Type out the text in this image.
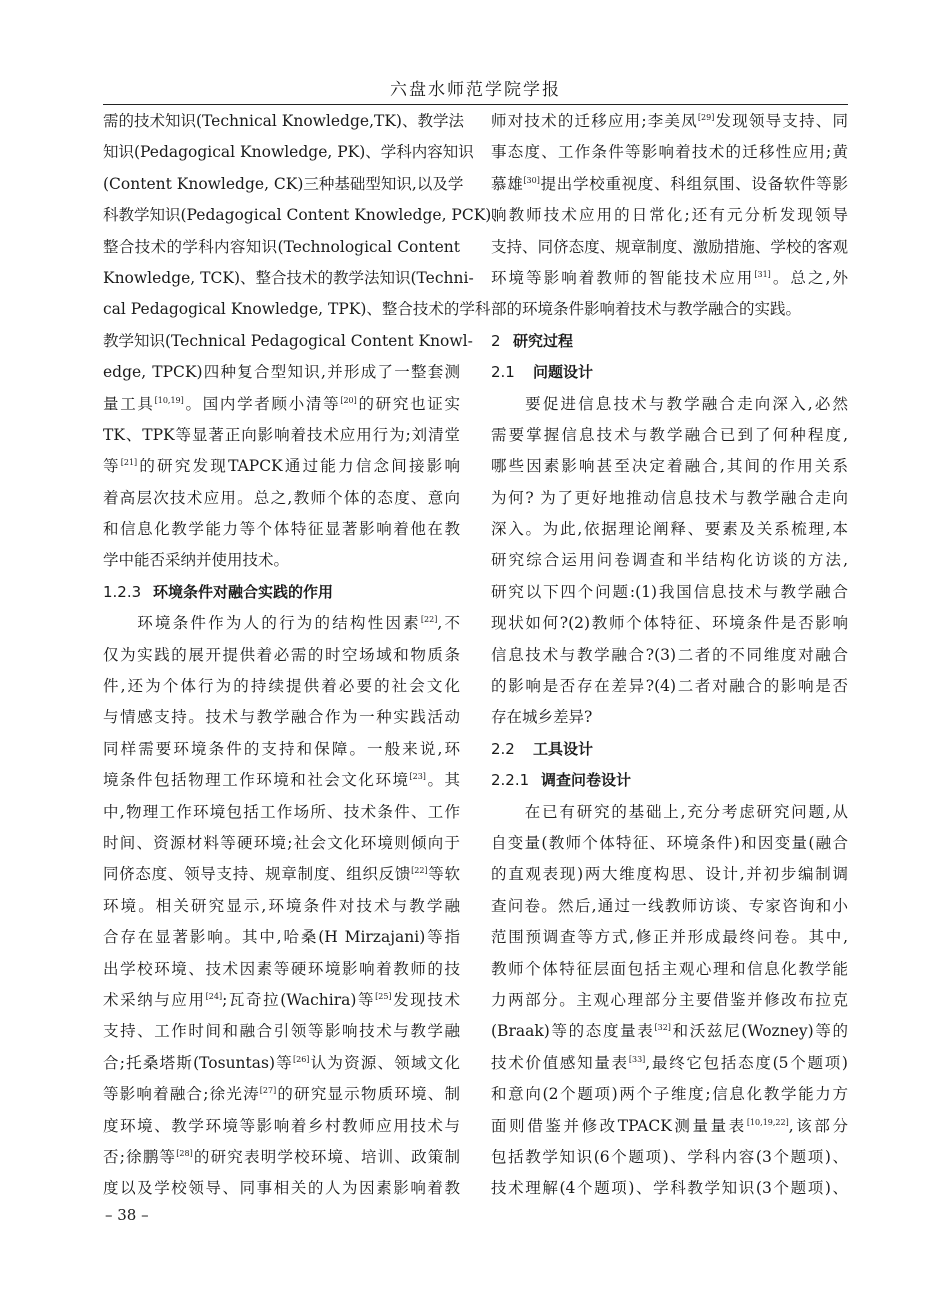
六盘水师范学院学报
需的技术知识(Technical Knowledge,TK)、教学法
知识(Pedagogical Knowledge, PK)、学科内容知识
(Content Knowledge, CK)三种基础型知识,以及学
科教学知识(Pedagogical Content Knowledge, PCK)、
整合技术的学科内容知识(Technological Content
Knowledge, TCK)、整合技术的教学法知识(Techni-
cal Pedagogical Knowledge, TPK)、整合技术的学科
教学知识(Technical Pedagogical Content Knowl-
edge, TPCK)四种复合型知识,并形成了一整套测
量工具[10,19]。国内学者顾小清等[20]的研究也证实
TK、TPK等显著正向影响着技术应用行为;刘清堂
等[21]的研究发现TAPCK通过能力信念间接影响
着高层次技术应用。总之,教师个体的态度、意向
和信息化教学能力等个体特征显著影响着他在教
学中能否采纳并使用技术。
1.2.3 环境条件对融合实践的作用
环境条件作为人的行为的结构性因素[22],不
仅为实践的展开提供着必需的时空场域和物质条
件,还为个体行为的持续提供着必要的社会文化
与情感支持。技术与教学融合作为一种实践活动
同样需要环境条件的支持和保障。一般来说,环
境条件包括物理工作环境和社会文化环境[23]。其
中,物理工作环境包括工作场所、技术条件、工作
时间、资源材料等硬环境;社会文化环境则倾向于
同侪态度、领导支持、规章制度、组织反馈[22]等软
环境。相关研究显示,环境条件对技术与教学融
合存在显著影响。其中,哈桑(H Mirzajani)等指
出学校环境、技术因素等硬环境影响着教师的技
术采纳与应用[24];瓦奇拉(Wachira)等[25]发现技术
支持、工作时间和融合引领等影响技术与教学融
合;托桑塔斯(Tosuntas)等[26]认为资源、领域文化
等影响着融合;徐光涛[27]的研究显示物质环境、制
度环境、教学环境等影响着乡村教师应用技术与
否;徐鹏等[28]的研究表明学校环境、培训、政策制
度以及学校领导、同事相关的人为因素影响着教
师对技术的迁移应用;李美凤[29]发现领导支持、同
事态度、工作条件等影响着技术的迁移性应用;黄
慕雄[30]提出学校重视度、科组氛围、设备软件等影
响教师技术应用的日常化;还有元分析发现领导
支持、同侪态度、规章制度、激励措施、学校的客观
环境等影响着教师的智能技术应用[31]。总之,外
部的环境条件影响着技术与教学融合的实践。
2 研究过程
2.1 问题设计
要促进信息技术与教学融合走向深入,必然
需要掌握信息技术与教学融合已到了何种程度,
哪些因素影响甚至决定着融合,其间的作用关系
为何? 为了更好地推动信息技术与教学融合走向
深入。为此,依据理论阐释、要素及关系梳理,本
研究综合运用问卷调查和半结构化访谈的方法,
研究以下四个问题:(1)我国信息技术与教学融合
现状如何?(2)教师个体特征、环境条件是否影响
信息技术与教学融合?(3)二者的不同维度对融合
的影响是否存在差异?(4)二者对融合的影响是否
存在城乡差异?
2.2 工具设计
2.2.1 调查问卷设计
在已有研究的基础上,充分考虑研究问题,从
自变量(教师个体特征、环境条件)和因变量(融合
的直观表现)两大维度构思、设计,并初步编制调
查问卷。然后,通过一线教师访谈、专家咨询和小
范围预调查等方式,修正并形成最终问卷。其中,
教师个体特征层面包括主观心理和信息化教学能
力两部分。主观心理部分主要借鉴并修改布拉克
(Braak)等的态度量表[32]和沃兹尼(Wozney)等的
技术价值感知量表[33],最终它包括态度(5个题项)
和意向(2个题项)两个子维度;信息化教学能力方
面则借鉴并修改TPACK测量量表[10,19,22],该部分
包括教学知识(6个题项)、学科内容(3个题项)、
技术理解(4个题项)、学科教学知识(3个题项)、
– 38 –
